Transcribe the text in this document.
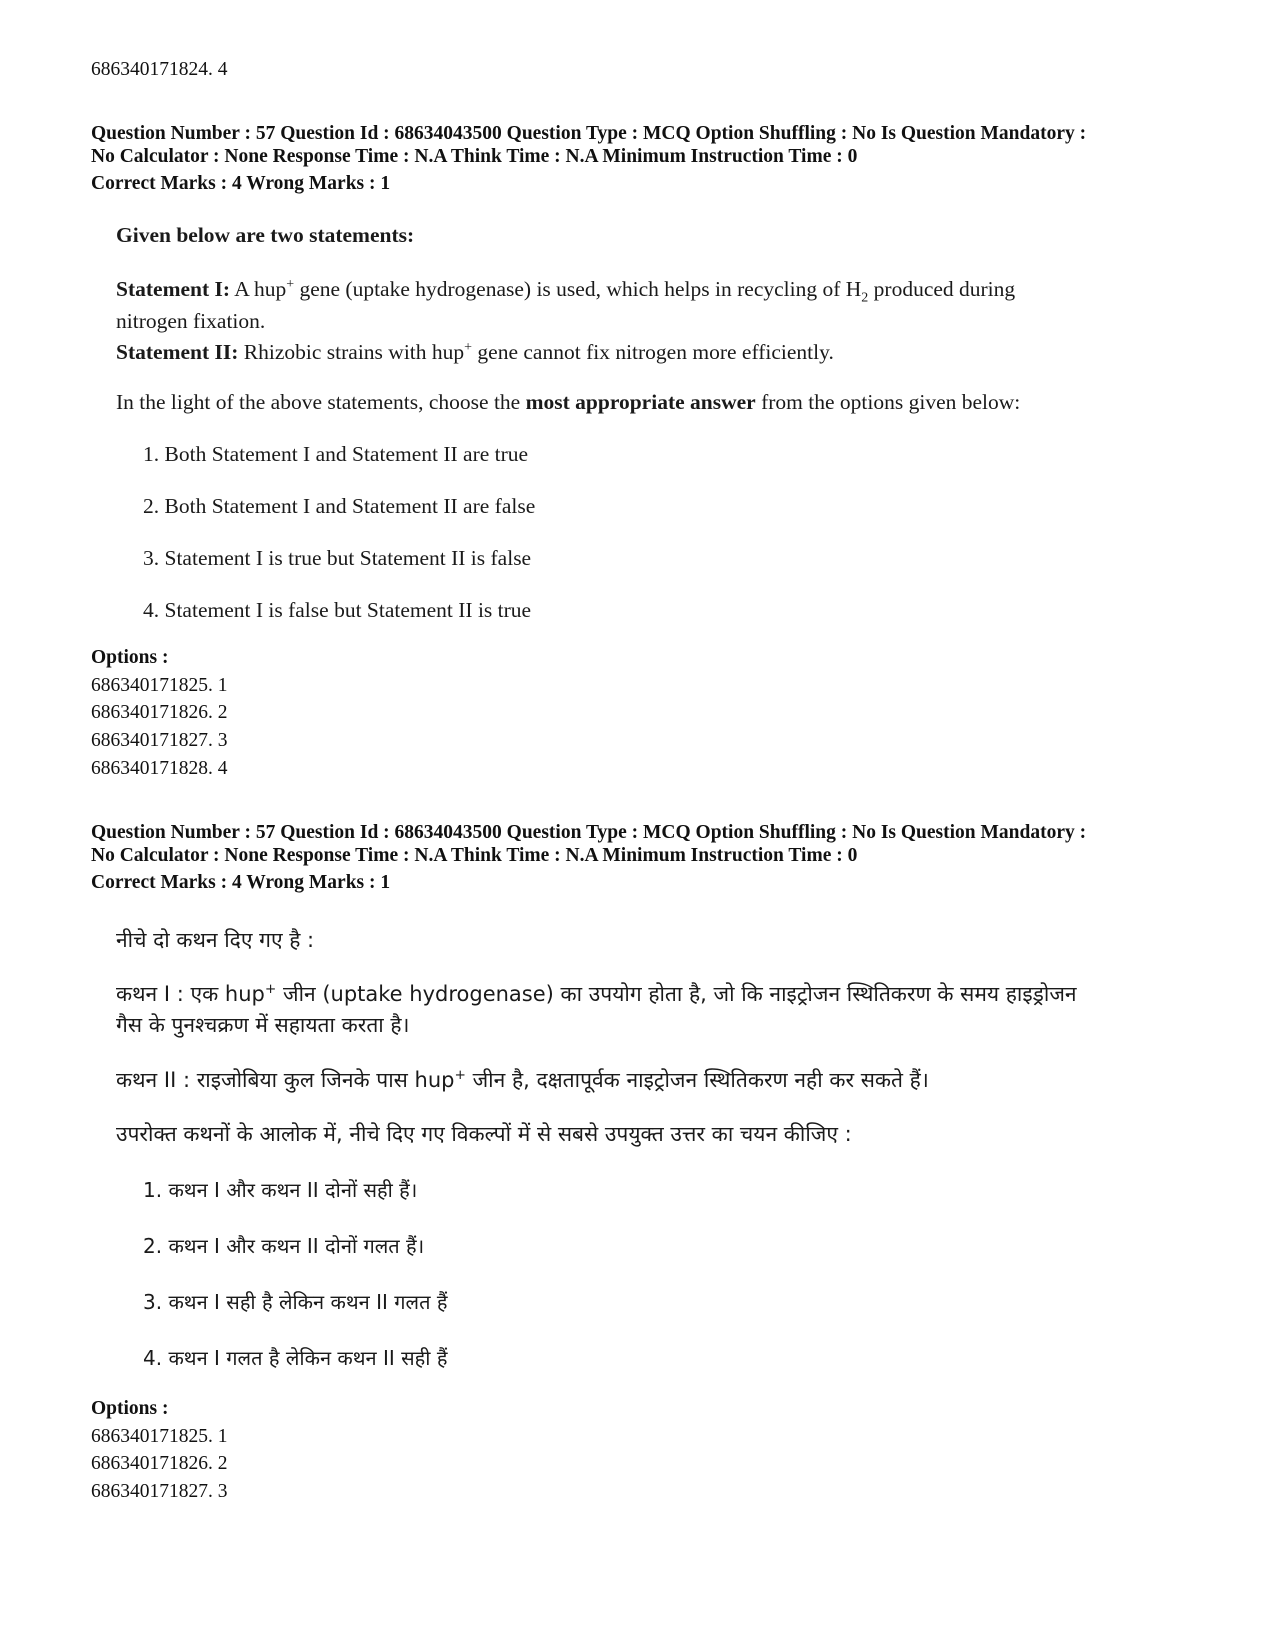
686340171824. 4
Question Number : 57 Question Id : 68634043500 Question Type : MCQ Option Shuffling : No Is Question Mandatory :
No Calculator : None Response Time : N.A Think Time : N.A Minimum Instruction Time : 0
Correct Marks : 4 Wrong Marks : 1
Given below are two statements:
Statement I: A hup+ gene (uptake hydrogenase) is used, which helps in recycling of $H_2$ produced during
nitrogen fixation.
Statement II: Rhizobic strains with hup+ gene cannot fix nitrogen more efficiently.
In the light of the above statements, choose the most appropriate answer from the options given below:
1. Both Statement I and Statement II are true
2. Both Statement I and Statement II are false
3. Statement I is true but Statement II is false
4. Statement I is false but Statement II is true
Options :
686340171825. 1
686340171826. 2
686340171827. 3
686340171828. 4
Question Number : 57 Question Id : 68634043500 Question Type : MCQ Option Shuffling : No Is Question Mandatory :
No Calculator : None Response Time : N.A Think Time : N.A Minimum Instruction Time : 0
Correct Marks : 4 Wrong Marks : 1
नीचे दो कथन दिए गए है :
कथन I : एक hup+ जीन (uptake hydrogenase) का उपयोग होता है, जो कि नाइट्रोजन स्थितिकरण के समय हाइड्रोजन
गैस के पुनश्चक्रण में सहायता करता है।
कथन II : राइजोबिया कुल जिनके पास hup+ जीन है, दक्षतापूर्वक नाइट्रोजन स्थितिकरण नही कर सकते हैं।
उपरोक्त कथनों के आलोक में, नीचे दिए गए विकल्पों में से सबसे उपयुक्त उत्तर का चयन कीजिए :
1. कथन I और कथन II दोनों सही हैं।
2. कथन I और कथन II दोनों गलत हैं।
3. कथन I सही है लेकिन कथन II गलत हैं
4. कथन I गलत है लेकिन कथन II सही हैं
Options :
686340171825. 1
686340171826. 2
686340171827. 3
